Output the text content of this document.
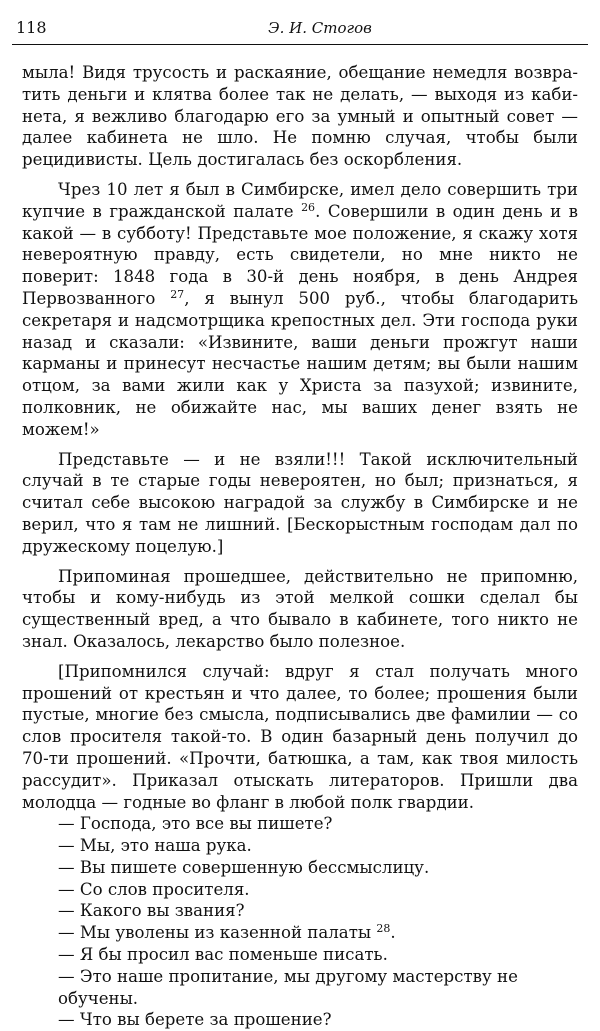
118	Э. И. Стогов

мыла! Видя трусость и раскаяние, обещание немедля возвратить деньги и клятва более так не делать, — выходя из кабинета, я вежливо благодарю его за умный и опытный совет — далее кабинета не шло. Не помню случая, чтобы были рецидивисты. Цель достигалась без оскорбления.

Чрез 10 лет я был в Симбирске, имел дело совершить три купчие в гражданской палате $^{26}$. Совершили в один день и в какой — в субботу! Представьте мое положение, я скажу хотя невероятную правду, есть свидетели, но мне никто не поверит: 1848 года в 30-й день ноября, в день Андрея Первозванного $^{27}$, я вынул 500 руб., чтобы благодарить секретаря и надсмотрщика крепостных дел. Эти господа руки назад и сказали: «Извините, ваши деньги прожгут наши карманы и принесут несчастье нашим детям; вы были нашим отцом, за вами жили как у Христа за пазухой; извините, полковник, не обижайте нас, мы ваших денег взять не можем!»

Представьте — и не взяли!!! Такой исключительный случай в те старые годы невероятен, но был; признаться, я считал себе высокою наградой за службу в Симбирске и не верил, что я там не лишний. [Бескорыстным господам дал по дружескому поцелую.]

Припоминая прошедшее, действительно не припомню, чтобы и кому-нибудь из этой мелкой сошки сделал бы существенный вред, а что бывало в кабинете, того никто не знал. Оказалось, лекарство было полезное.

[Припомнился случай: вдруг я стал получать много прошений от крестьян и что далее, то более; прошения были пустые, многие без смысла, подписывались две фамилии — со слов просителя такой-то. В один базарный день получил до 70-ти прошений. «Прочти, батюшка, а там, как твоя милость рассудит». Приказал отыскать литераторов. Пришли два молодца — годные во фланг в любой полк гвардии.

— Господа, это все вы пишете?

— Мы, это наша рука.

— Вы пишете совершенную бессмыслицу.

— Со слов просителя.

— Какого вы звания?

— Мы уволены из казенной палаты $^{28}$.

— Я бы просил вас поменьше писать.

— Это наше пропитание, мы другому мастерству не обучены.

— Что вы берете за прошение?
